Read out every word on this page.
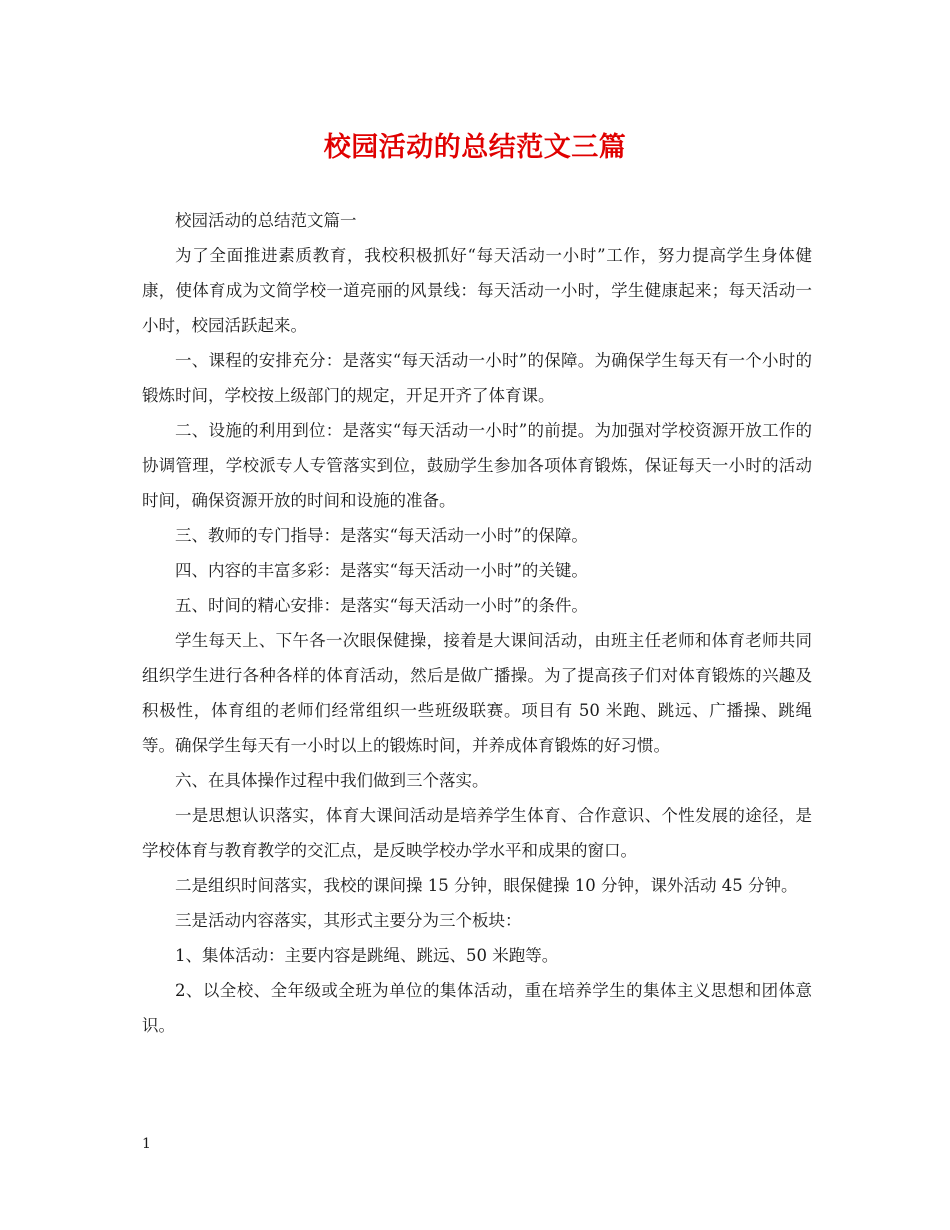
校园活动的总结范文三篇

校园活动的总结范文篇一

为了全面推进素质教育，我校积极抓好“每天活动一小时”工作，努力提高学生身体健康，使体育成为文简学校一道亮丽的风景线：每天活动一小时，学生健康起来；每天活动一小时，校园活跃起来。

一、课程的安排充分：是落实“每天活动一小时”的保障。为确保学生每天有一个小时的锻炼时间，学校按上级部门的规定，开足开齐了体育课。

二、设施的利用到位：是落实“每天活动一小时”的前提。为加强对学校资源开放工作的协调管理，学校派专人专管落实到位，鼓励学生参加各项体育锻炼，保证每天一小时的活动时间，确保资源开放的时间和设施的准备。

三、教师的专门指导：是落实“每天活动一小时”的保障。

四、内容的丰富多彩：是落实“每天活动一小时”的关键。

五、时间的精心安排：是落实“每天活动一小时”的条件。

学生每天上、下午各一次眼保健操，接着是大课间活动，由班主任老师和体育老师共同组织学生进行各种各样的体育活动，然后是做广播操。为了提高孩子们对体育锻炼的兴趣及积极性，体育组的老师们经常组织一些班级联赛。项目有 50 米跑、跳远、广播操、跳绳等。确保学生每天有一小时以上的锻炼时间，并养成体育锻炼的好习惯。

六、在具体操作过程中我们做到三个落实。

一是思想认识落实，体育大课间活动是培养学生体育、合作意识、个性发展的途径，是学校体育与教育教学的交汇点，是反映学校办学水平和成果的窗口。

二是组织时间落实，我校的课间操 15 分钟，眼保健操 10 分钟，课外活动 45 分钟。

三是活动内容落实，其形式主要分为三个板块：

1、集体活动：主要内容是跳绳、跳远、50 米跑等。

2、以全校、全年级或全班为单位的集体活动，重在培养学生的集体主义思想和团体意识。

1
